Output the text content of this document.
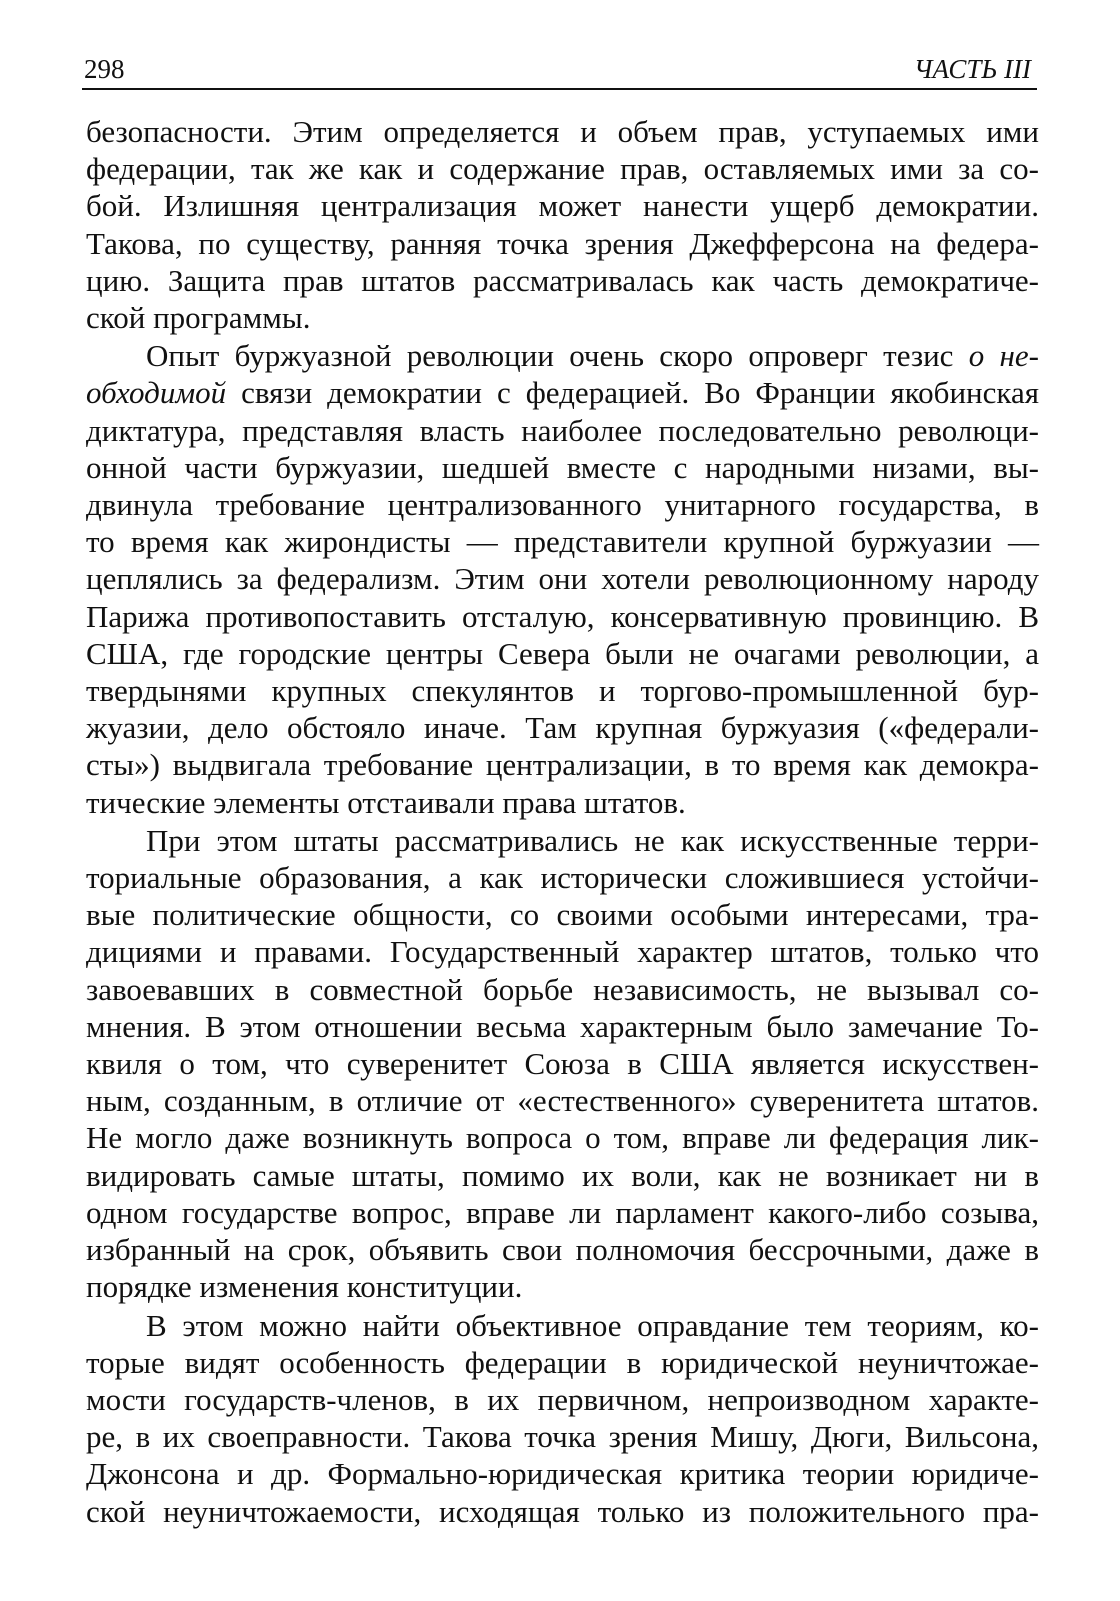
298	ЧАСТЬ III

безопасности. Этим определяется и объем прав, уступаемых ими
федерации, так же как и содержание прав, оставляемых ими за со-
бой. Излишняя централизация может нанести ущерб демократии.
Такова, по существу, ранняя точка зрения Джефферсона на федера-
цию. Защита прав штатов рассматривалась как часть демократиче-
ской программы.

Опыт буржуазной революции очень скоро опроверг тезис о не-
обходимой связи демократии с федерацией. Во Франции якобинская
диктатура, представляя власть наиболее последовательно революци-
онной части буржуазии, шедшей вместе с народными низами, вы-
двинула требование централизованного унитарного государства, в
то время как жирондисты — представители крупной буржуазии —
цеплялись за федерализм. Этим они хотели революционному народу
Парижа противопоставить отсталую, консервативную провинцию. В
США, где городские центры Севера были не очагами революции, а
твердынями крупных спекулянтов и торгово-промышленной бур-
жуазии, дело обстояло иначе. Там крупная буржуазия («федерали-
сты») выдвигала требование централизации, в то время как демокра-
тические элементы отстаивали права штатов.

При этом штаты рассматривались не как искусственные терри-
ториальные образования, а как исторически сложившиеся устойчи-
вые политические общности, со своими особыми интересами, тра-
дициями и правами. Государственный характер штатов, только что
завоевавших в совместной борьбе независимость, не вызывал со-
мнения. В этом отношении весьма характерным было замечание То-
квиля о том, что суверенитет Союза в США является искусствен-
ным, созданным, в отличие от «естественного» суверенитета штатов.
Не могло даже возникнуть вопроса о том, вправе ли федерация лик-
видировать самые штаты, помимо их воли, как не возникает ни в
одном государстве вопрос, вправе ли парламент какого-либо созыва,
избранный на срок, объявить свои полномочия бессрочными, даже в
порядке изменения конституции.

В этом можно найти объективное оправдание тем теориям, ко-
торые видят особенность федерации в юридической неуничтожае-
мости государств-членов, в их первичном, непроизводном характе-
ре, в их своеправности. Такова точка зрения Мишу, Дюги, Вильсона,
Джонсона и др. Формально-юридическая критика теории юридиче-
ской неуничтожаемости, исходящая только из положительного пра-
